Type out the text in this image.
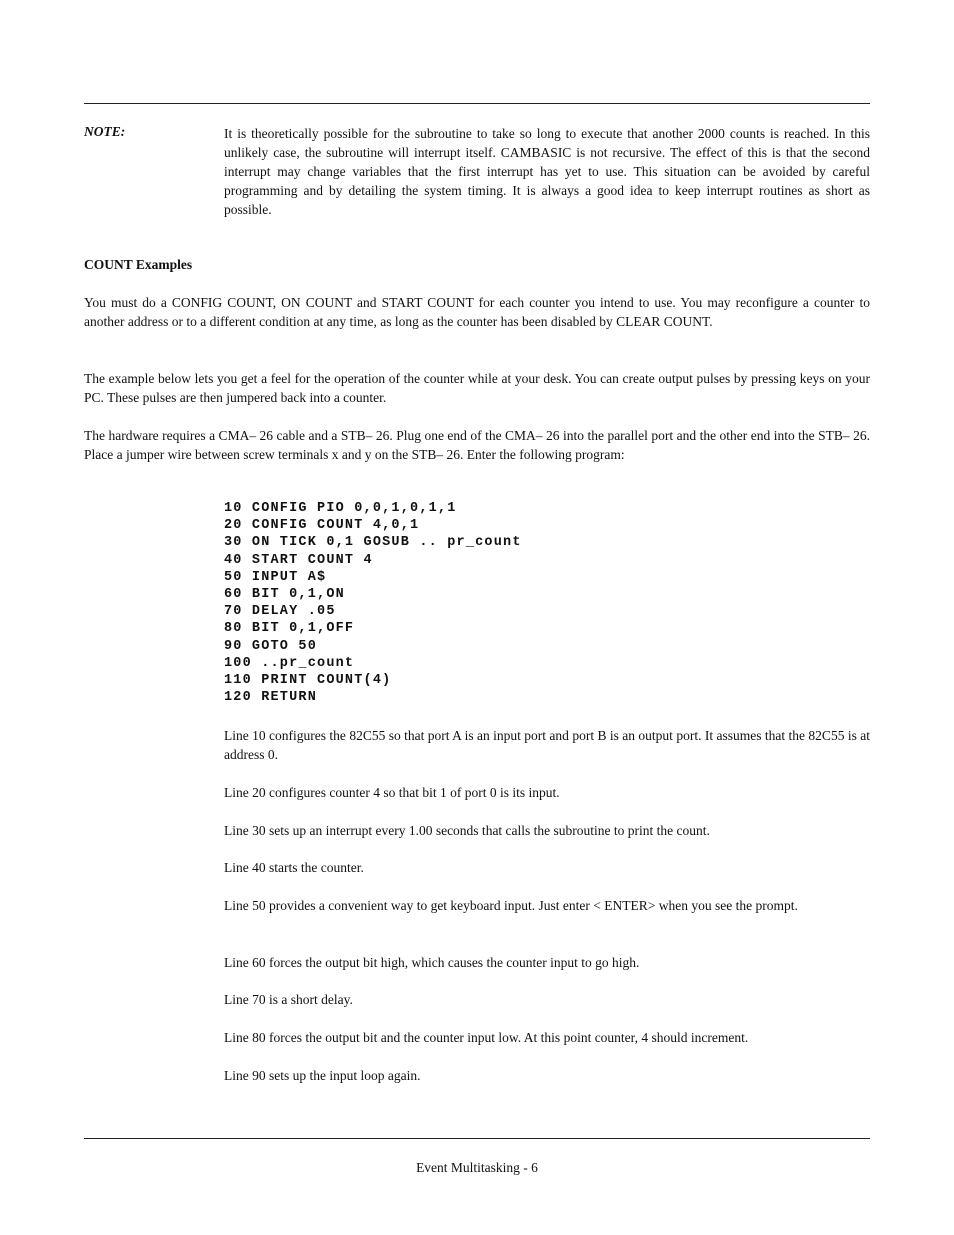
NOTE:	It is theoretically possible for the subroutine to take so long to execute that another 2000 counts is reached. In this unlikely case, the subroutine will interrupt itself. CAMBASIC is not recursive. The effect of this is that the second interrupt may change variables that the first interrupt has yet to use. This situation can be avoided by careful programming and by detailing the system timing. It is always a good idea to keep interrupt routines as short as possible.
COUNT Examples
You must do a CONFIG COUNT, ON COUNT and START COUNT for each counter you intend to use. You may reconfigure a counter to another address or to a different condition at any time, as long as the counter has been disabled by CLEAR COUNT.
The example below lets you get a feel for the operation of the counter while at your desk. You can create output pulses by pressing keys on your PC. These pulses are then jumpered back into a counter.
The hardware requires a CMA– 26 cable and a STB– 26. Plug one end of the CMA– 26 into the parallel port and the other end into the STB– 26. Place a jumper wire between screw terminals x and y on the STB– 26. Enter the following program:
10 CONFIG PIO 0,0,1,0,1,1
20 CONFIG COUNT 4,0,1
30 ON TICK 0,1 GOSUB .. pr_count
40 START COUNT 4
50 INPUT A$
60 BIT 0,1,ON
70 DELAY .05
80 BIT 0,1,OFF
90 GOTO 50
100 ..pr_count
110 PRINT COUNT(4)
120 RETURN
Line 10 configures the 82C55 so that port A is an input port and port B is an output port. It assumes that the 82C55 is at address 0.
Line 20 configures counter 4 so that bit 1 of port 0 is its input.
Line 30 sets up an interrupt every 1.00 seconds that calls the subroutine to print the count.
Line 40 starts the counter.
Line 50 provides a convenient way to get keyboard input. Just enter < ENTER> when you see the prompt.
Line 60 forces the output bit high, which causes the counter input to go high.
Line 70 is a short delay.
Line 80 forces the output bit and the counter input low. At this point counter, 4 should increment.
Line 90 sets up the input loop again.
Event Multitasking - 6
